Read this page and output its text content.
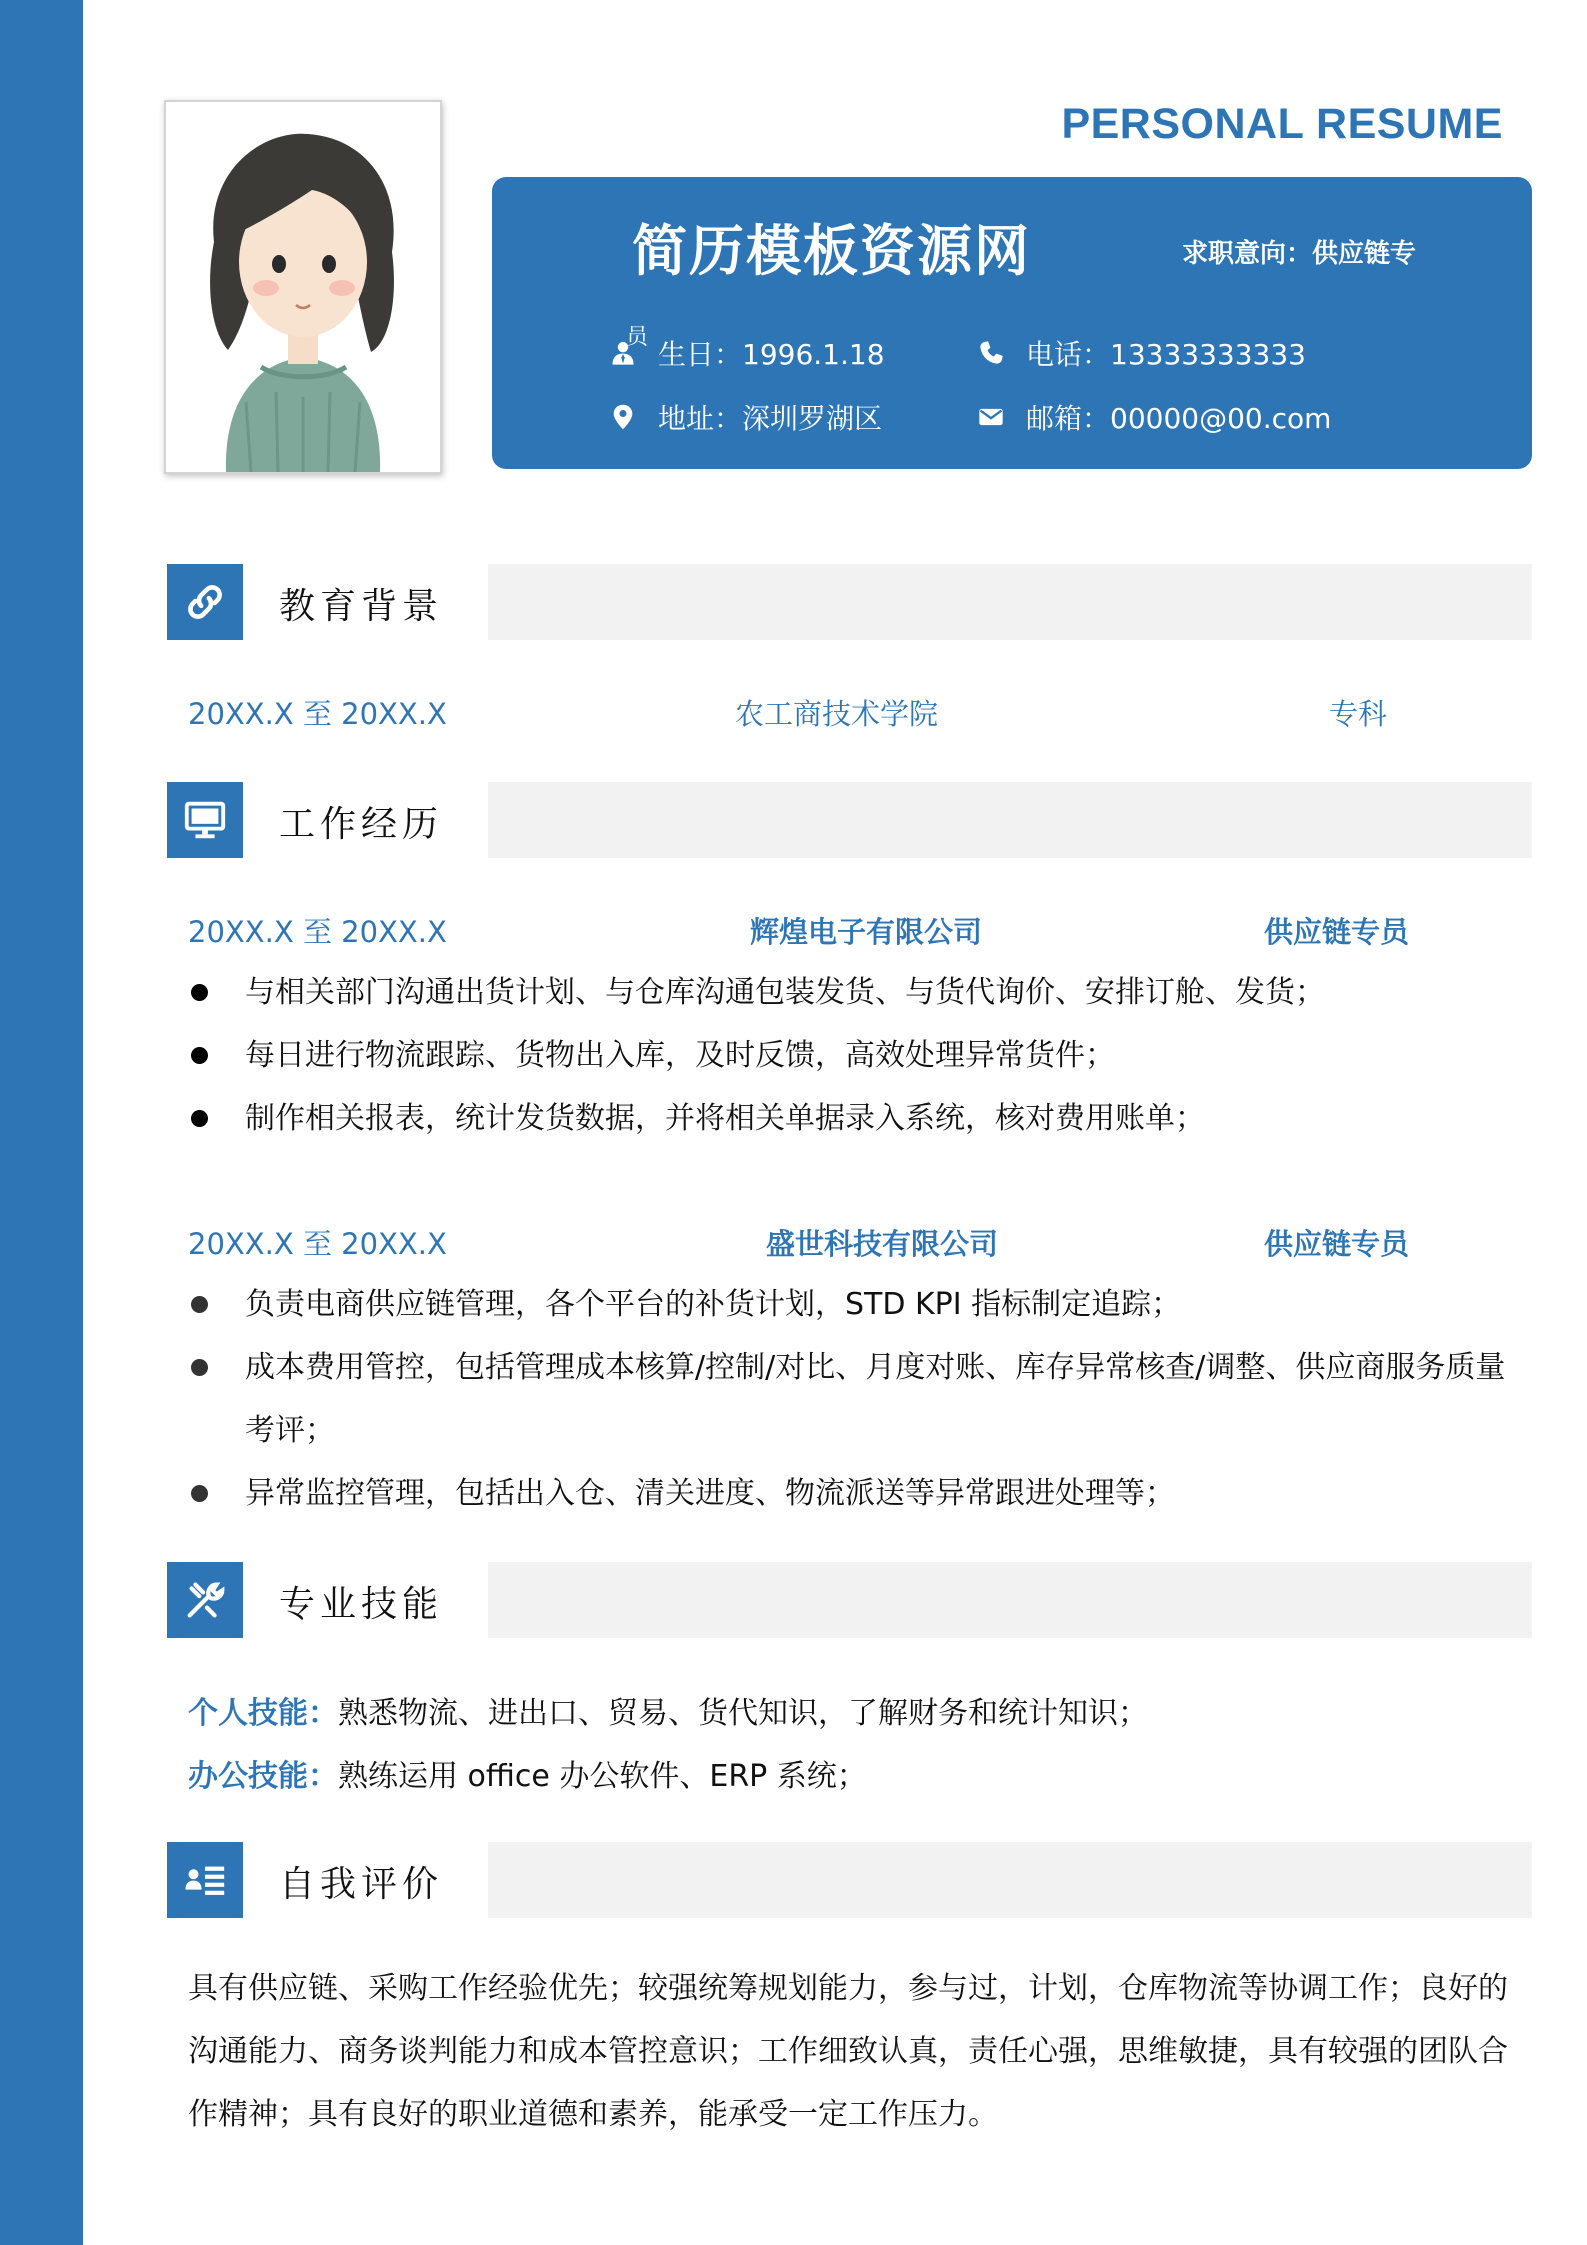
PERSONAL RESUME
简历模板资源网	求职意向：供应链专
员
生日：1996.1.18	电话：13333333333
地址：深圳罗湖区	邮箱：00000@00.com
教育背景
20XX.X 至 20XX.X	农工商技术学院	专科
工作经历
20XX.X 至 20XX.X	辉煌电子有限公司	供应链专员
与相关部门沟通出货计划、与仓库沟通包装发货、与货代询价、安排订舱、发货；
每日进行物流跟踪、货物出入库，及时反馈，高效处理异常货件；
制作相关报表，统计发货数据，并将相关单据录入系统，核对费用账单；
20XX.X 至 20XX.X	盛世科技有限公司	供应链专员
负责电商供应链管理，各个平台的补货计划，STD KPI 指标制定追踪；
成本费用管控，包括管理成本核算/控制/对比、月度对账、库存异常核查/调整、供应商服务质量考评；
异常监控管理，包括出入仓、清关进度、物流派送等异常跟进处理等；
专业技能
个人技能：熟悉物流、进出口、贸易、货代知识，了解财务和统计知识；
办公技能：熟练运用 office 办公软件、ERP 系统；
自我评价
具有供应链、采购工作经验优先；较强统筹规划能力，参与过，计划，仓库物流等协调工作；良好的沟通能力、商务谈判能力和成本管控意识；工作细致认真，责任心强，思维敏捷，具有较强的团队合作精神；具有良好的职业道德和素养，能承受一定工作压力。
